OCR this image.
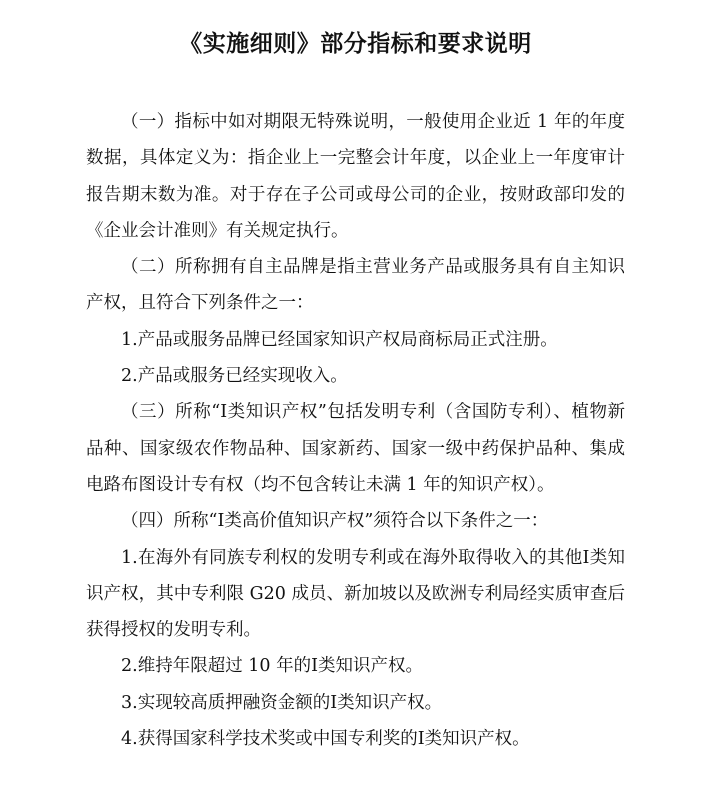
《实施细则》部分指标和要求说明

（一）指标中如对期限无特殊说明，一般使用企业近 1 年的年度数据，具体定义为：指企业上一完整会计年度，以企业上一年度审计报告期末数为准。对于存在子公司或母公司的企业，按财政部印发的《企业会计准则》有关规定执行。

（二）所称拥有自主品牌是指主营业务产品或服务具有自主知识产权，且符合下列条件之一：

1.产品或服务品牌已经国家知识产权局商标局正式注册。

2.产品或服务已经实现收入。

（三）所称“I类知识产权”包括发明专利（含国防专利）、植物新品种、国家级农作物品种、国家新药、国家一级中药保护品种、集成电路布图设计专有权（均不包含转让未满 1 年的知识产权）。

（四）所称“I类高价值知识产权”须符合以下条件之一：

1.在海外有同族专利权的发明专利或在海外取得收入的其他I类知识产权，其中专利限 G20 成员、新加坡以及欧洲专利局经实质审查后获得授权的发明专利。

2.维持年限超过 10 年的I类知识产权。

3.实现较高质押融资金额的I类知识产权。

4.获得国家科学技术奖或中国专利奖的I类知识产权。
